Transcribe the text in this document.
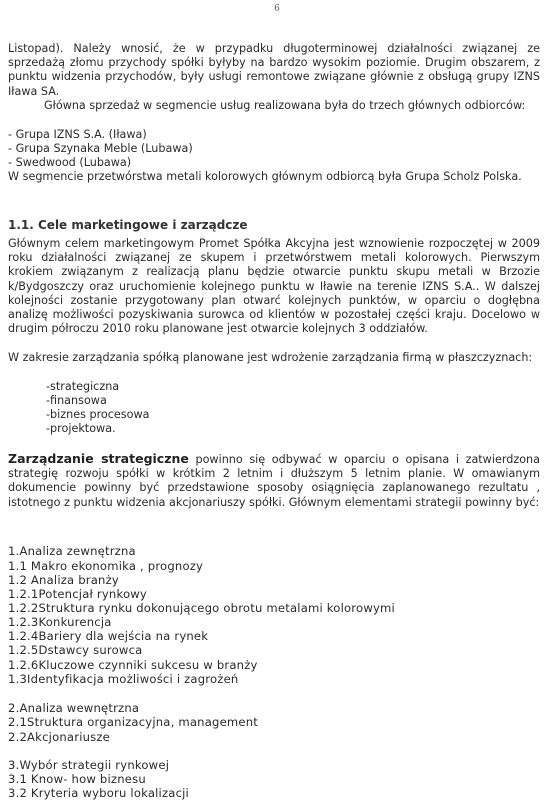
6

Listopad). Należy wnosić, że w przypadku długoterminowej działalności związanej ze sprzedażą złomu przychody spółki byłyby na bardzo wysokim poziomie. Drugim obszarem, z punktu widzenia przychodów, były usługi remontowe związane głównie z obsługą grupy IZNS Iława SA.

Główna sprzedaż w segmencie usług realizowana była do trzech głównych odbiorców:

- Grupa IZNS S.A. (Iława)
- Grupa Szynaka Meble (Lubawa)
- Swedwood (Lubawa)

W segmencie przetwórstwa metali kolorowych głównym odbiorcą była Grupa Scholz Polska.

1.1. Cele marketingowe i zarządcze

Głównym celem marketingowym Promet Spółka Akcyjna jest wznowienie rozpoczętej w 2009 roku działalności związanej ze skupem i przetwórstwem metali kolorowych. Pierwszym krokiem związanym z realizacją planu będzie otwarcie punktu skupu metali w Brzozie k/Bydgoszczy oraz uruchomienie kolejnego punktu w Iławie na terenie IZNS S.A.. W dalszej kolejności zostanie przygotowany plan otwarć kolejnych punktów, w oparciu o dogłębna analizę możliwości pozyskiwania surowca od klientów w pozostałej części kraju. Docelowo w drugim półroczu 2010 roku planowane jest otwarcie kolejnych 3 oddziałów.

W zakresie zarządzania spółką planowane jest wdrożenie zarządzania firmą w płaszczyznach:

-strategiczna
-finansowa
-biznes procesowa
-projektowa.

Zarządzanie strategiczne powinno się odbywać w oparciu o opisana i zatwierdzona strategię rozwoju spółki w krótkim 2 letnim i dłuższym 5 letnim planie. W omawianym dokumencie powinny być przedstawione sposoby osiągnięcia zaplanowanego rezultatu , istotnego z punktu widzenia akcjonariuszy spółki. Głównym elementami strategii powinny być:

1.Analiza zewnętrzna
1.1 Makro ekonomika , prognozy
1.2 Analiza branży
1.2.1Potencjał rynkowy
1.2.2Struktura rynku dokonującego obrotu metalami kolorowymi
1.2.3Konkurencja
1.2.4Bariery dla wejścia na rynek
1.2.5Dstawcy surowca
1.2.6Kluczowe czynniki sukcesu w branży
1.3Identyfikacja możliwości i zagrożeń
2.Analiza wewnętrzna
2.1Struktura organizacyjna, management
2.2Akcjonariusze
3.Wybór strategii rynkowej
3.1 Know- how biznesu
3.2 Kryteria wyboru lokalizacji
